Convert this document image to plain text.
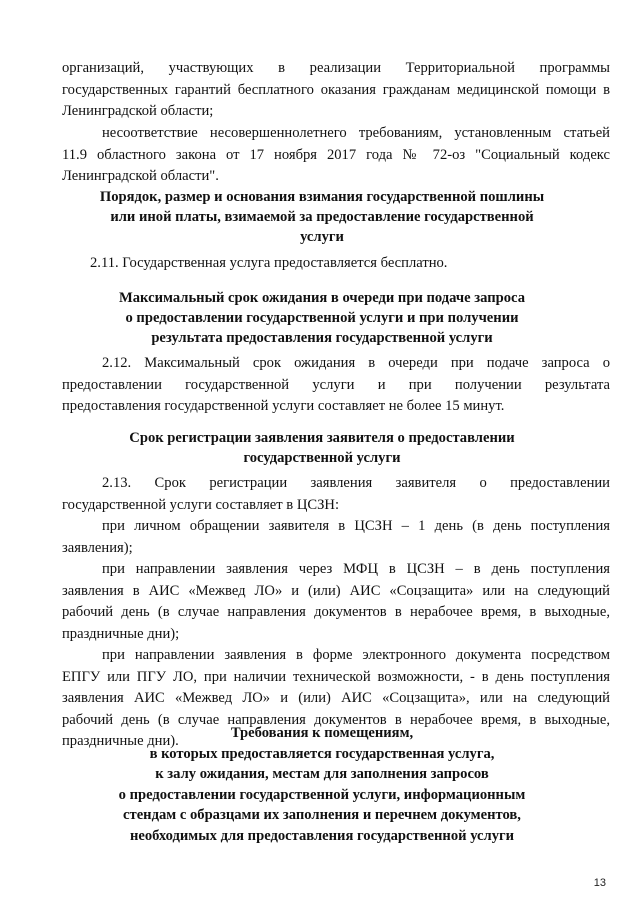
организаций, участвующих в реализации Территориальной программы
государственных гарантий бесплатного оказания гражданам медицинской помощи в
Ленинградской области;
несоответствие несовершеннолетнего требованиям, установленным статьей
11.9 областного закона от 17 ноября 2017 года № 72-оз "Социальный кодекс
Ленинградской области".
Порядок, размер и основания взимания государственной пошлины
или иной платы, взимаемой за предоставление государственной
услуги
2.11. Государственная услуга предоставляется бесплатно.
Максимальный срок ожидания в очереди при подаче запроса
о предоставлении государственной услуги и при получении
результата предоставления государственной услуги
2.12. Максимальный срок ожидания в очереди при подаче запроса о
предоставлении государственной услуги и при получении результата
предоставления государственной услуги составляет не более 15 минут.
Срок регистрации заявления заявителя о предоставлении
государственной услуги
2.13. Срок регистрации заявления заявителя о предоставлении
государственной услуги составляет в ЦСЗН:
при личном обращении заявителя в ЦСЗН – 1 день (в день поступления
заявления);
при направлении заявления через МФЦ в ЦСЗН – в день поступления
заявления в АИС «Межвед ЛО» и (или) АИС «Соцзащита» или на следующий
рабочий день (в случае направления документов в нерабочее время, в выходные,
праздничные дни);
при направлении заявления в форме электронного документа посредством
ЕПГУ или ПГУ ЛО, при наличии технической возможности, - в день поступления
заявления АИС «Межвед ЛО» и (или) АИС «Соцзащита», или на следующий
рабочий день (в случае направления документов в нерабочее время, в выходные,
праздничные дни).	Требования к помещениям,
в которых предоставляется государственная услуга,
к залу ожидания, местам для заполнения запросов
о предоставлении государственной услуги, информационным
стендам с образцами их заполнения и перечнем документов,
необходимых для предоставления государственной услуги
13
